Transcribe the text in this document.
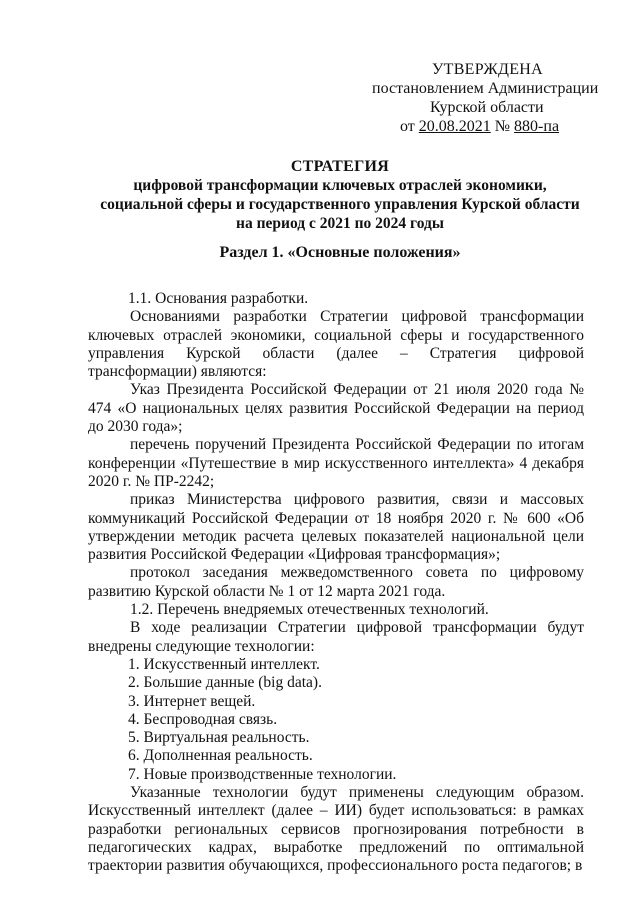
УТВЕРЖДЕНА
постановлением Администрации
Курской области
от 20.08.2021 № 880-па
СТРАТЕГИЯ
цифровой трансформации ключевых отраслей экономики,
социальной сферы и государственного управления Курской области
на период с 2021 по 2024 годы
Раздел 1. «Основные положения»

1.1. Основания разработки.

Основаниями разработки Стратегии цифровой трансформации ключевых отраслей экономики, социальной сферы и государственного управления Курской области (далее – Стратегия цифровой трансформации) являются:

Указ Президента Российской Федерации от 21 июля 2020 года № 474 «О национальных целях развития Российской Федерации на период до 2030 года»;

перечень поручений Президента Российской Федерации по итогам конференции «Путешествие в мир искусственного интеллекта» 4 декабря 2020 г. № ПР-2242;

приказ Министерства цифрового развития, связи и массовых коммуникаций Российской Федерации от 18 ноября 2020 г. № 600 «Об утверждении методик расчета целевых показателей национальной цели развития Российской Федерации «Цифровая трансформация»;

протокол заседания межведомственного совета по цифровому развитию Курской области № 1 от 12 марта 2021 года.

1.2. Перечень внедряемых отечественных технологий.

В ходе реализации Стратегии цифровой трансформации будут внедрены следующие технологии:

1. Искусственный интеллект.

2. Большие данные (big data).

3. Интернет вещей.

4. Беспроводная связь.

5. Виртуальная реальность.

6. Дополненная реальность.

7. Новые производственные технологии.

Указанные технологии будут применены следующим образом. Искусственный интеллект (далее – ИИ) будет использоваться: в рамках разработки региональных сервисов прогнозирования потребности в педагогических кадрах, выработке предложений по оптимальной траектории развития обучающихся, профессионального роста педагогов; в
